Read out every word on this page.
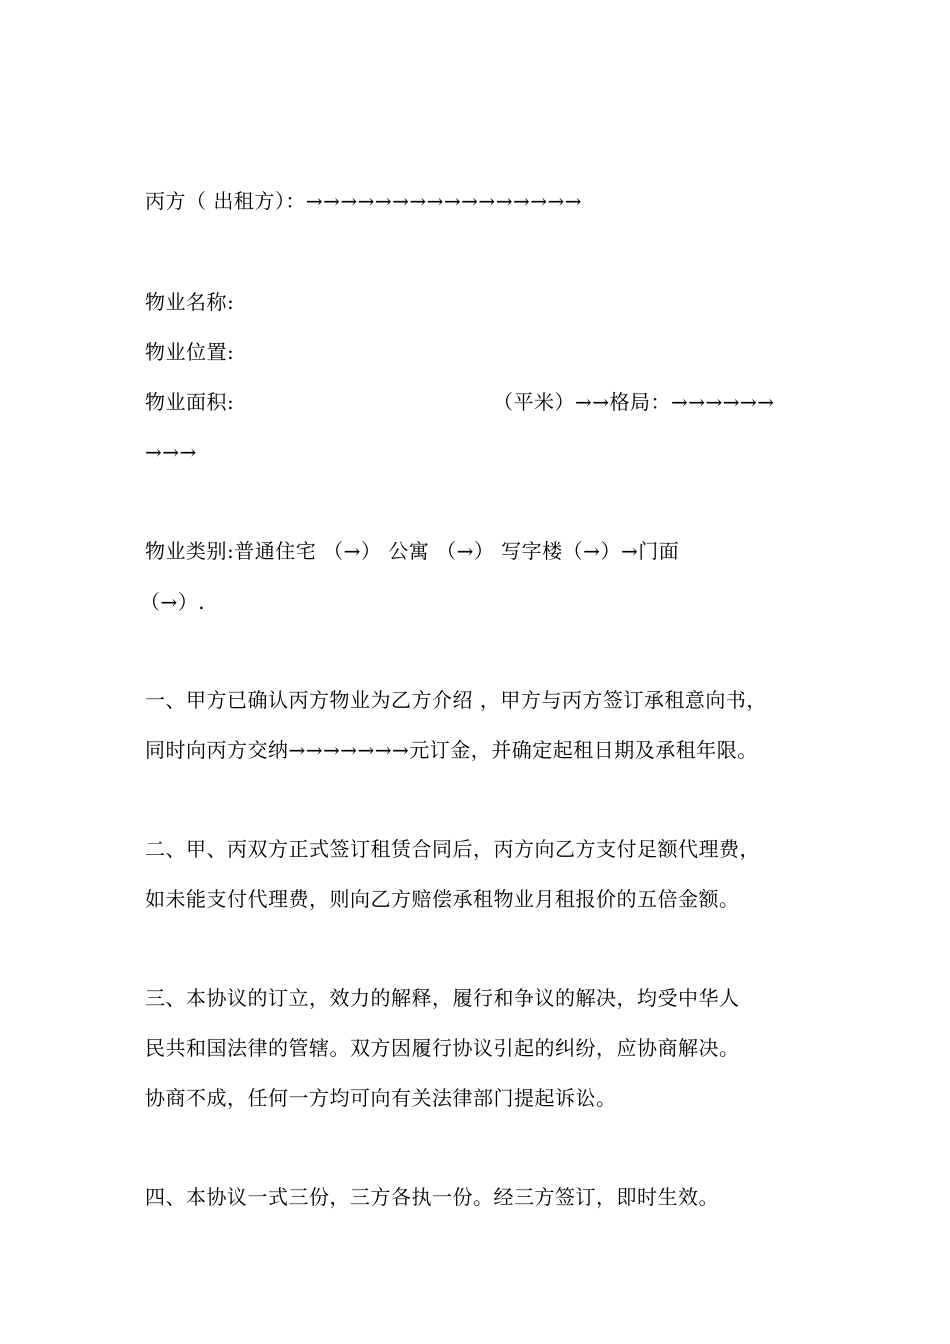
丙方（ 出租方）：→→→→→→→→→→→→→→→→
物业名称:
物业位置:
物业面积:	（平米）→→格局：→→→→→→
→→→
物业类别:普通住宅 （→） 公寓 （→） 写字楼（→）→门面
（→）.
一、甲方已确认丙方物业为乙方介绍 ，甲方与丙方签订承租意向书，
同时向丙方交纳→→→→→→→元订金，并确定起租日期及承租年限。
二、甲、丙双方正式签订租赁合同后，丙方向乙方支付足额代理费，
如未能支付代理费，则向乙方赔偿承租物业月租报价的五倍金额。
三、本协议的订立，效力的解释，履行和争议的解决，均受中华人
民共和国法律的管辖。双方因履行协议引起的纠纷，应协商解决。
协商不成，任何一方均可向有关法律部门提起诉讼。
四、本协议一式三份，三方各执一份。经三方签订，即时生效。
